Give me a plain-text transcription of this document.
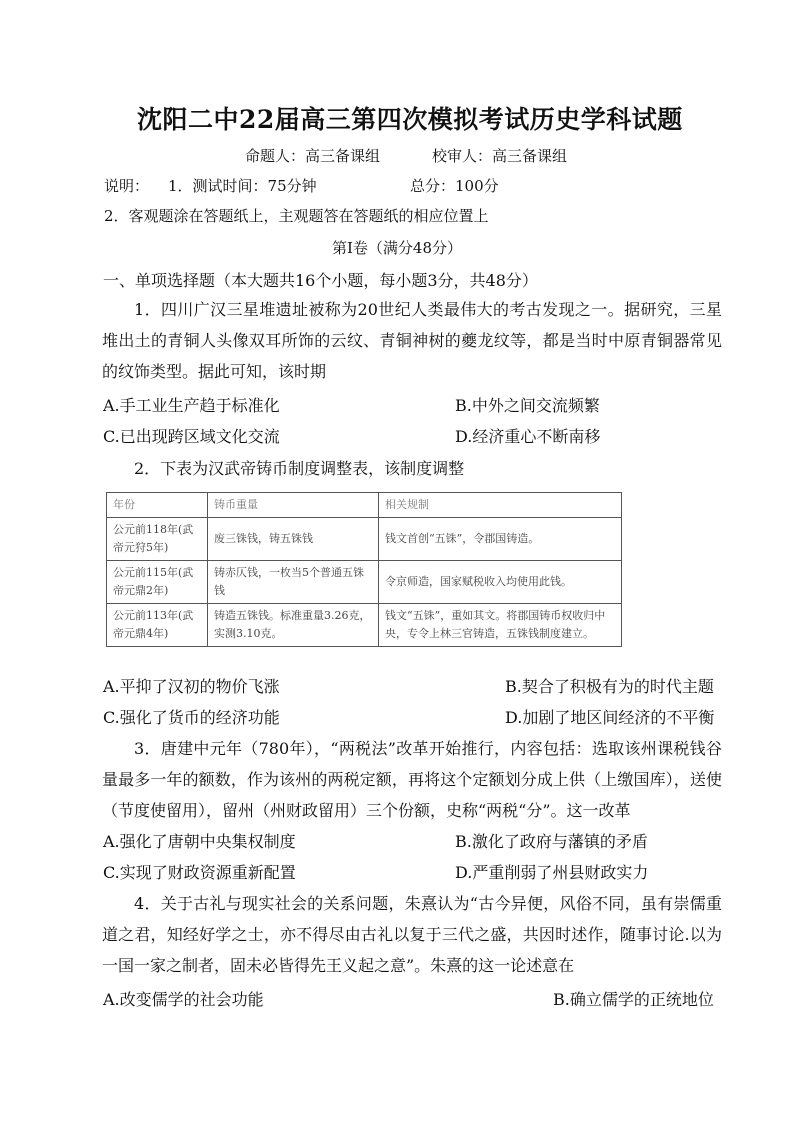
沈阳二中22届高三第四次模拟考试历史学科试题
命题人：高三备课组	校审人：高三备课组
说明： 1．测试时间：75分钟	总分：100分
2．客观题涂在答题纸上，主观题答在答题纸的相应位置上
第Ⅰ卷（满分48分）
一、单项选择题（本大题共16个小题，每小题3分，共48分）
1．四川广汉三星堆遗址被称为20世纪人类最伟大的考古发现之一。据研究，三星堆出土的青铜人头像双耳所饰的云纹、青铜神树的夔龙纹等，都是当时中原青铜器常见的纹饰类型。据此可知，该时期
A.手工业生产趋于标准化	B.中外之间交流频繁
C.已出现跨区域文化交流	D.经济重心不断南移
2．下表为汉武帝铸币制度调整表，该制度调整
年份	铸币重量	相关规制
公元前118年(武帝元狩5年)	废三铢钱，铸五铢钱	钱文首创“五铢”，令郡国铸造。
公元前115年(武帝元鼎2年)	铸赤仄钱，一枚当5个普通五铢钱	令京师造，国家赋税收入均使用此钱。
公元前113年(武帝元鼎4年)	铸造五铢钱。标准重量3.26克，实测3.10克。	钱文“五铢”，重如其文。将郡国铸币权收归中央，专令上林三官铸造，五铢钱制度建立。
A.平抑了汉初的物价飞涨	B.契合了积极有为的时代主题
C.强化了货币的经济功能	D.加剧了地区间经济的不平衡
3．唐建中元年（780年），“两税法”改革开始推行，内容包括：选取该州课税钱谷量最多一年的额数，作为该州的两税定额，再将这个定额划分成上供（上缴国库），送使（节度使留用），留州（州财政留用）三个份额，史称“两税“分”。这一改革
A.强化了唐朝中央集权制度	B.激化了政府与藩镇的矛盾
C.实现了财政资源重新配置	D.严重削弱了州县财政实力
4．关于古礼与现实社会的关系问题，朱熹认为“古今异便，风俗不同，虽有崇儒重道之君，知经好学之士，亦不得尽由古礼以复于三代之盛，共因时述作，随事讨论.以为一国一家之制者，固未必皆得先王义起之意”。朱熹的这一论述意在
A.改变儒学的社会功能	B.确立儒学的正统地位
